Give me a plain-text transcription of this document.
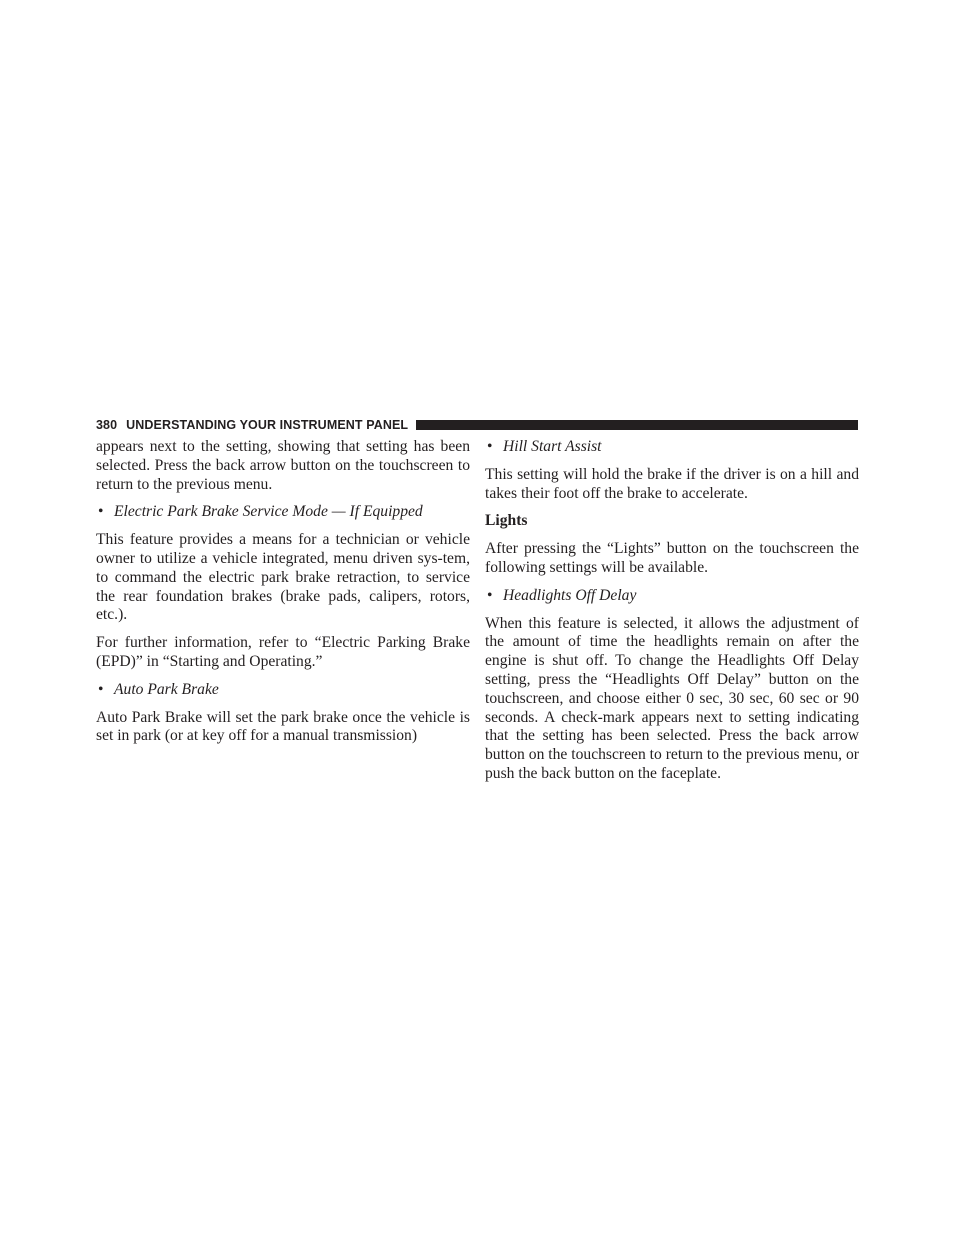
380 UNDERSTANDING YOUR INSTRUMENT PANEL

appears next to the setting, showing that setting has been selected. Press the back arrow button on the touchscreen to return to the previous menu.

• Electric Park Brake Service Mode — If Equipped

This feature provides a means for a technician or vehicle owner to utilize a vehicle integrated, menu driven sys-tem, to command the electric park brake retraction, to service the rear foundation brakes (brake pads, calipers, rotors, etc.).

For further information, refer to “Electric Parking Brake (EPD)” in “Starting and Operating.”

• Auto Park Brake

Auto Park Brake will set the park brake once the vehicle is set in park (or at key off for a manual transmission)

• Hill Start Assist

This setting will hold the brake if the driver is on a hill and takes their foot off the brake to accelerate.

Lights

After pressing the “Lights” button on the touchscreen the following settings will be available.

• Headlights Off Delay

When this feature is selected, it allows the adjustment of the amount of time the headlights remain on after the engine is shut off. To change the Headlights Off Delay setting, press the “Headlights Off Delay” button on the touchscreen, and choose either 0 sec, 30 sec, 60 sec or 90 seconds. A check-mark appears next to setting indicating that the setting has been selected. Press the back arrow button on the touchscreen to return to the previous menu, or push the back button on the faceplate.
